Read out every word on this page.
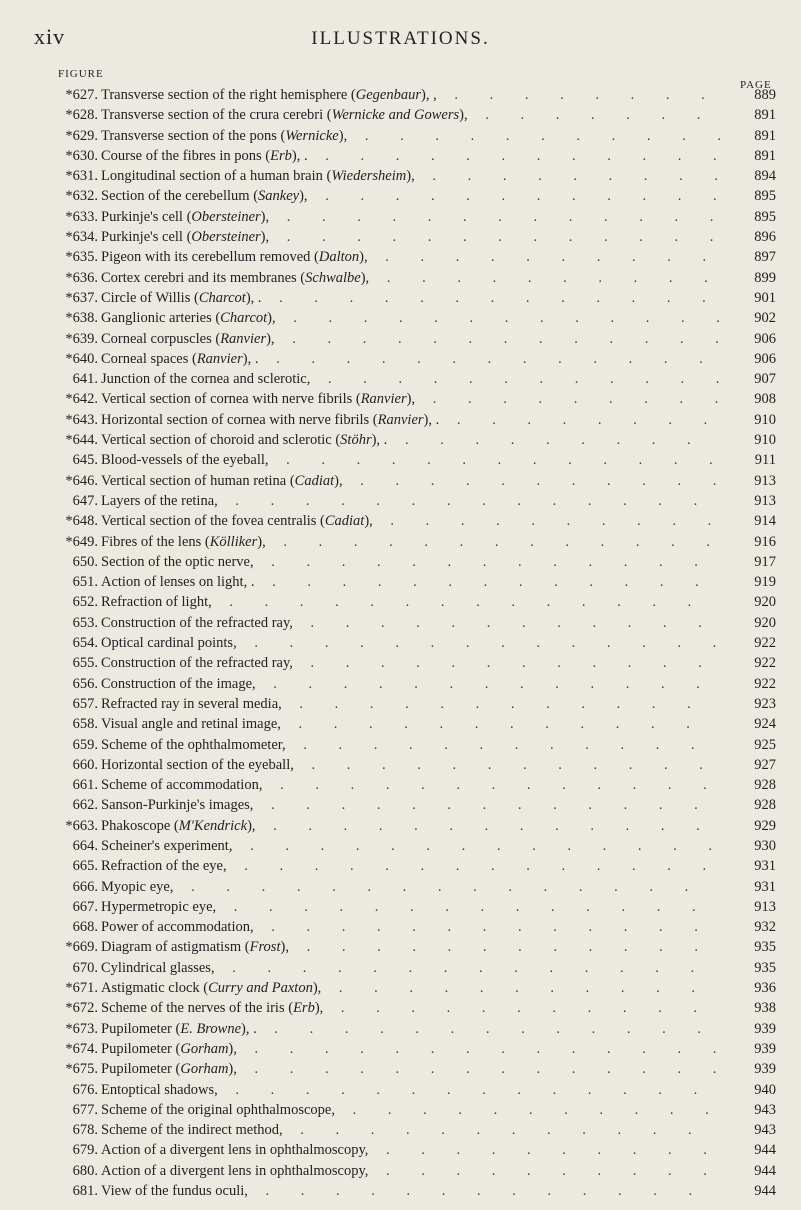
xiv	ILLUSTRATIONS.
FIGURE
PAGE
*627. Transverse section of the right hemisphere (Gegenbaur), , . . .	889
*628. Transverse section of the crura cerebri (Wernicke and Gowers), . . .	891
*629. Transverse section of the pons (Wernicke), . . .	891
*630. Course of the fibres in pons (Erb), . . . .	891
*631. Longitudinal section of a human brain (Wiedersheim), . . .	894
*632. Section of the cerebellum (Sankey), . . .	895
*633. Purkinje's cell (Obersteiner), . . .	895
*634. Purkinje's cell (Obersteiner), . . .	896
*635. Pigeon with its cerebellum removed (Dalton), . . .	897
*636. Cortex cerebri and its membranes (Schwalbe), . . .	899
*637. Circle of Willis (Charcot), . . . .	901
*638. Ganglionic arteries (Charcot), . . .	902
*639. Corneal corpuscles (Ranvier), . . .	906
*640. Corneal spaces (Ranvier), . . . .	906
641. Junction of the cornea and sclerotic, . . .	907
*642. Vertical section of cornea with nerve fibrils (Ranvier), . . .	908
*643. Horizontal section of cornea with nerve fibrils (Ranvier), . . . .	910
*644. Vertical section of choroid and sclerotic (Stöhr), . . . .	910
645. Blood-vessels of the eyeball, . . .	911
*646. Vertical section of human retina (Cadiat), . . .	913
647. Layers of the retina, . . .	913
*648. Vertical section of the fovea centralis (Cadiat), . . .	914
*649. Fibres of the lens (Kölliker), . . .	916
650. Section of the optic nerve, . . .	917
651. Action of lenses on light, . . . .	919
652. Refraction of light, . . .	920
653. Construction of the refracted ray, . . .	920
654. Optical cardinal points, . . .	922
655. Construction of the refracted ray, . . .	922
656. Construction of the image, . . .	922
657. Refracted ray in several media, . . .	923
658. Visual angle and retinal image, . . .	924
659. Scheme of the ophthalmometer, . . .	925
660. Horizontal section of the eyeball, . . .	927
661. Scheme of accommodation, . . .	928
662. Sanson-Purkinje's images, . . .	928
*663. Phakoscope (M'Kendrick), . . .	929
664. Scheiner's experiment, . . .	930
665. Refraction of the eye, . . .	931
666. Myopic eye, . . .	931
667. Hypermetropic eye, . . .	913
668. Power of accommodation, . . .	932
*669. Diagram of astigmatism (Frost), . . .	935
670. Cylindrical glasses, . . .	935
*671. Astigmatic clock (Curry and Paxton), . . .	936
*672. Scheme of the nerves of the iris (Erb), . . .	938
*673. Pupilometer (E. Browne), . . . .	939
*674. Pupilometer (Gorham), . . .	939
*675. Pupilometer (Gorham), . . .	939
676. Entoptical shadows, . . .	940
677. Scheme of the original ophthalmoscope, . . .	943
678. Scheme of the indirect method, . . .	943
679. Action of a divergent lens in ophthalmoscopy, . . .	944
680. Action of a divergent lens in ophthalmoscopy, . . .	944
681. View of the fundus oculi, . . .	944
